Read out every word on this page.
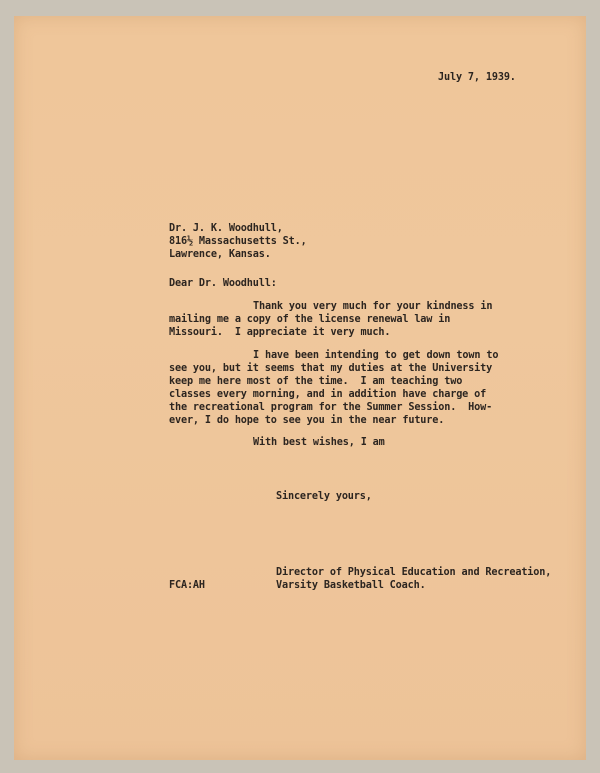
July 7, 1939.
Dr. J. K. Woodhull,
816½ Massachusetts St.,
Lawrence, Kansas.
Dear Dr. Woodhull:
Thank you very much for your kindness in
mailing me a copy of the license renewal law in
Missouri.  I appreciate it very much.
I have been intending to get down town to
see you, but it seems that my duties at the University
keep me here most of the time.  I am teaching two
classes every morning, and in addition have charge of
the recreational program for the Summer Session.  How-
ever, I do hope to see you in the near future.
With best wishes, I am
Sincerely yours,
Director of Physical Education and Recreation,
Varsity Basketball Coach.
FCA:AH
